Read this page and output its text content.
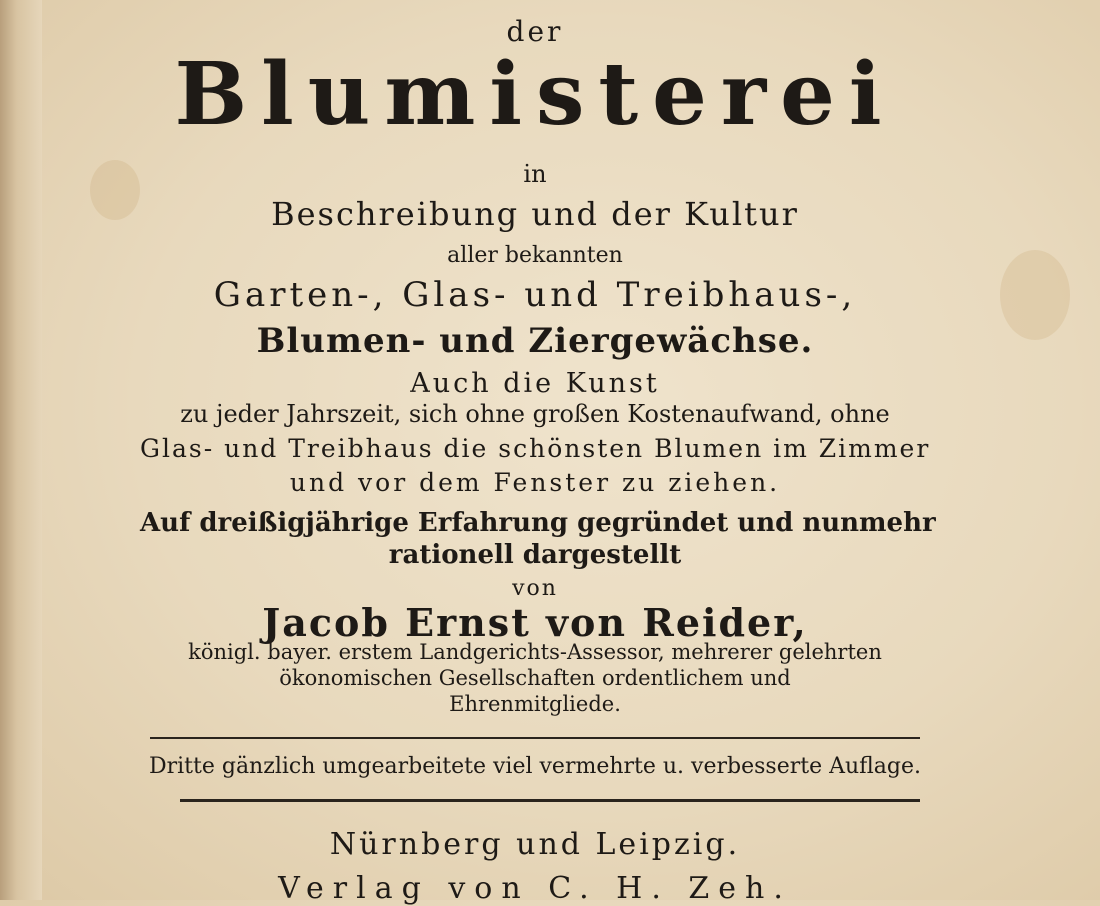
der
Blumisterei
in
Beschreibung und der Kultur
aller bekannten
Garten-, Glas- und Treibhaus-,
Blumen- und Ziergewächse.
Auch die Kunst
zu jeder Jahrszeit, sich ohne großen Kostenaufwand, ohne
Glas- und Treibhaus die schönsten Blumen im Zimmer
und vor dem Fenster zu ziehen.
Auf dreißigjährige Erfahrung gegründet und nunmehr
rationell dargestellt
von
Jacob Ernst von Reider,
königl. bayer. erstem Landgerichts-Assessor, mehrerer gelehrten
ökonomischen Gesellschaften ordentlichem und
Ehrenmitgliede.
Dritte gänzlich umgearbeitete viel vermehrte u. verbesserte Auflage.
Nürnberg und Leipzig.
Verlag von C. H. Zeh.
